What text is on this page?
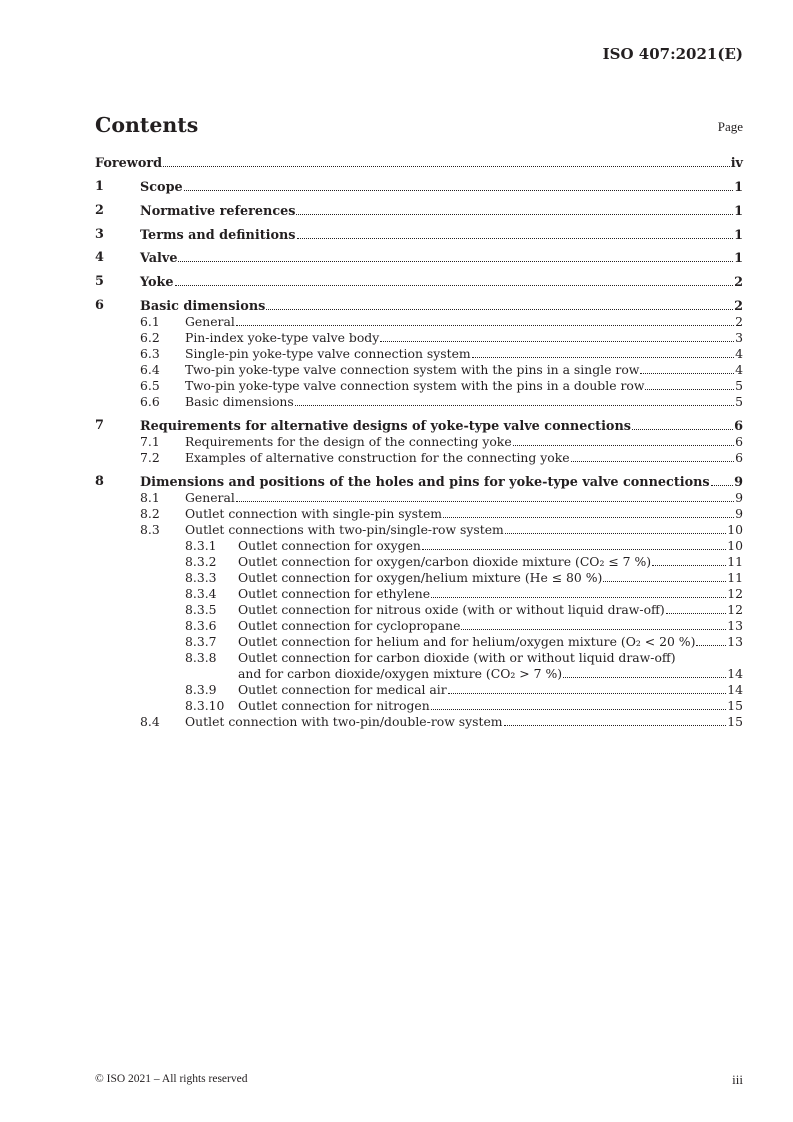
ISO 407:2021(E)
Contents	Page
Foreword	iv
1	Scope	1
2	Normative references	1
3	Terms and definitions	1
4	Valve	1
5	Yoke	2
6	Basic dimensions	2
6.1 General	2
6.2 Pin-index yoke-type valve body	3
6.3 Single-pin yoke-type valve connection system	4
6.4 Two-pin yoke-type valve connection system with the pins in a single row	4
6.5 Two-pin yoke-type valve connection system with the pins in a double row	5
6.6 Basic dimensions	5
7	Requirements for alternative designs of yoke-type valve connections	6
7.1 Requirements for the design of the connecting yoke	6
7.2 Examples of alternative construction for the connecting yoke	6
8	Dimensions and positions of the holes and pins for yoke-type valve connections 9
8.1 General	9
8.2 Outlet connection with single-pin system	9
8.3 Outlet connections with two-pin/single-row system	10
8.3.1 Outlet connection for oxygen	10
8.3.2 Outlet connection for oxygen/carbon dioxide mixture (CO₂ ≤ 7 %)	11
8.3.3 Outlet connection for oxygen/helium mixture (He ≤ 80 %)	11
8.3.4 Outlet connection for ethylene	12
8.3.5 Outlet connection for nitrous oxide (with or without liquid draw-off)	12
8.3.6 Outlet connection for cyclopropane	13
8.3.7 Outlet connection for helium and for helium/oxygen mixture (O₂ < 20 %)	13
8.3.8 Outlet connection for carbon dioxide (with or without liquid draw-off)
and for carbon dioxide/oxygen mixture (CO₂ > 7 %)	14
8.3.9 Outlet connection for medical air	14
8.3.10 Outlet connection for nitrogen	15
8.4 Outlet connection with two-pin/double-row system	15
© ISO 2021 – All rights reserved	iii
